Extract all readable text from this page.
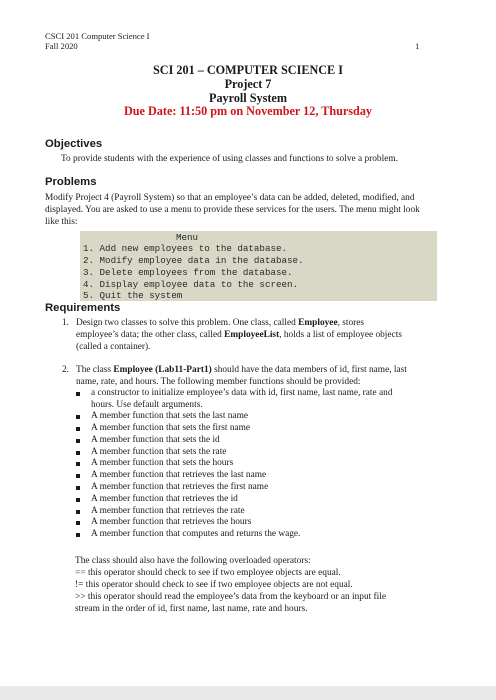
CSCI 201 Computer Science I
Fall 2020	1
SCI 201 – COMPUTER SCIENCE I
Project 7
Payroll System
Due Date: 11:50 pm on November 12, Thursday
Objectives
To provide students with the experience of using classes and functions to solve a problem.
Problems
Modify Project 4 (Payroll System) so that an employee’s data can be added, deleted, modified, and
displayed. You are asked to use a menu to provide these services for the users. The menu might look
like this:
Menu
1. Add new employees to the database.
2. Modify employee data in the database.
3. Delete employees from the database.
4. Display employee data to the screen.
5. Quit the system
Requirements
1. Design two classes to solve this problem. One class, called Employee, stores
employee’s data; the other class, called EmployeeList, holds a list of employee objects
(called a container).
2. The class Employee (Lab11-Part1) should have the data members of id, first name, last
name, rate, and hours. The following member functions should be provided:
a constructor to initialize employee’s data with id, first name, last name, rate and
hours. Use default arguments.
A member function that sets the last name
A member function that sets the first name
A member function that sets the id
A member function that sets the rate
A member function that sets the hours
A member function that retrieves the last name
A member function that retrieves the first name
A member function that retrieves the id
A member function that retrieves the rate
A member function that retrieves the hours
A member function that computes and returns the wage.
The class should also have the following overloaded operators:
== this operator should check to see if two employee objects are equal.
!= this operator should check to see if two employee objects are not equal.
>> this operator should read the employee’s data from the keyboard or an input file
stream in the order of id, first name, last name, rate and hours.
